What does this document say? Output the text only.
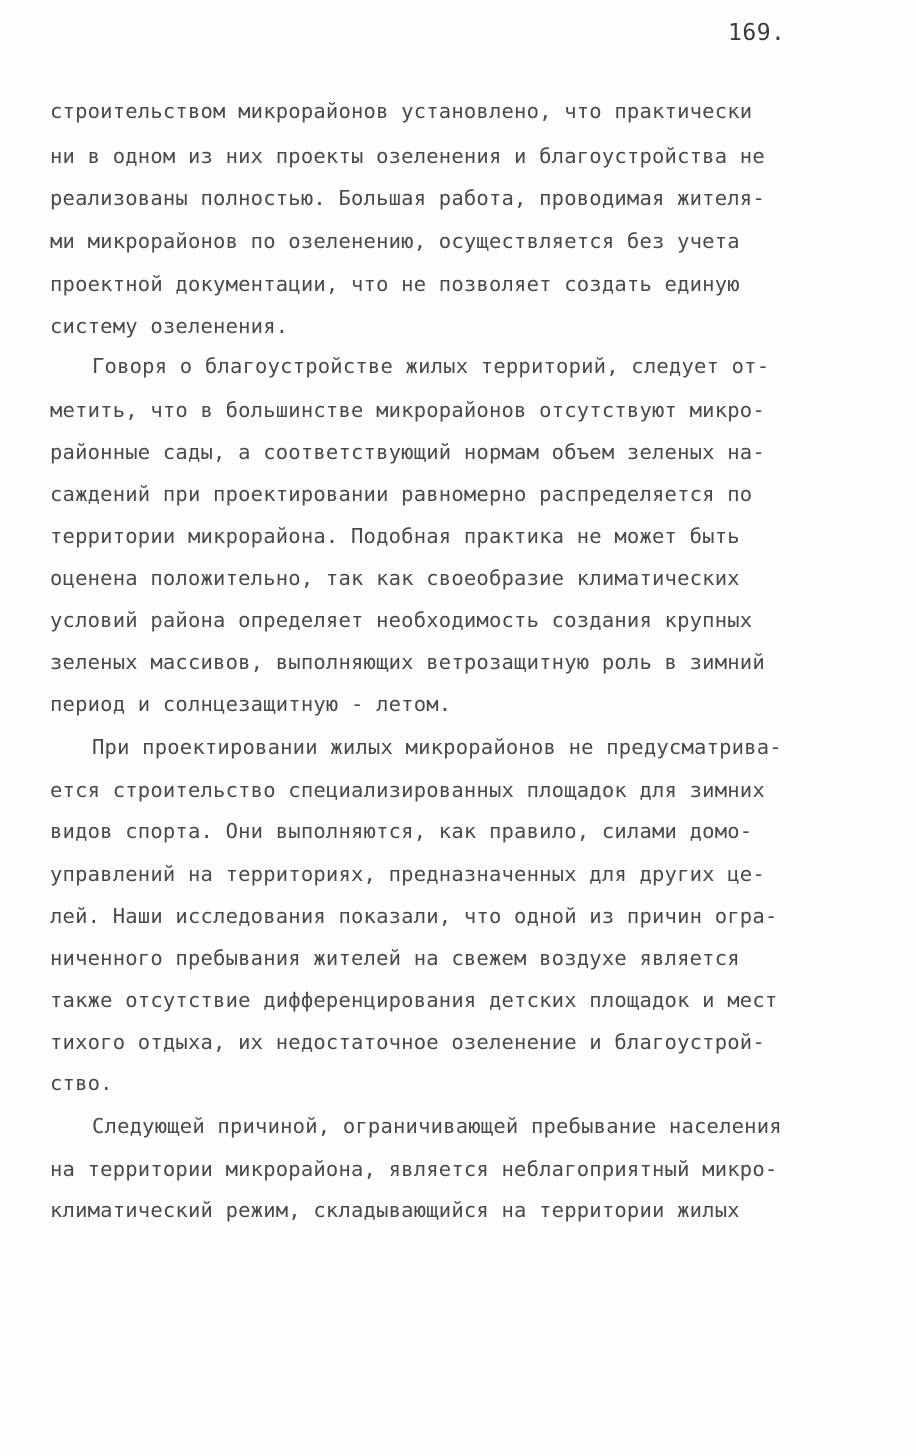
169.
строительством микрорайонов установлено, что практически
ни в одном из них проекты озеленения и благоустройства не
реализованы полностью. Большая работа, проводимая жителя-
ми микрорайонов по озеленению, осуществляется без учета
проектной документации, что не позволяет создать единую
систему озеленения.
Говоря о благоустройстве жилых территорий, следует от-
метить, что в большинстве микрорайонов отсутствуют микро-
районные сады, а соответствующий нормам объем зеленых на-
саждений при проектировании равномерно распределяется по
территории микрорайона. Подобная практика не может быть
оценена положительно, так как своеобразие климатических
условий района определяет необходимость создания крупных
зеленых массивов, выполняющих ветрозащитную роль в зимний
период и солнцезащитную - летом.
При проектировании жилых микрорайонов не предусматрива-
ется строительство специализированных площадок для зимних
видов спорта. Они выполняются, как правило, силами домо-
управлений на территориях, предназначенных для других це-
лей. Наши исследования показали, что одной из причин огра-
ниченного пребывания жителей на свежем воздухе является
также отсутствие дифференцирования детских площадок и мест
тихого отдыха, их недостаточное озеленение и благоустрой-
ство.
Следующей причиной, ограничивающей пребывание населения
на территории микрорайона, является неблагоприятный микро-
климатический режим, складывающийся на территории жилых
